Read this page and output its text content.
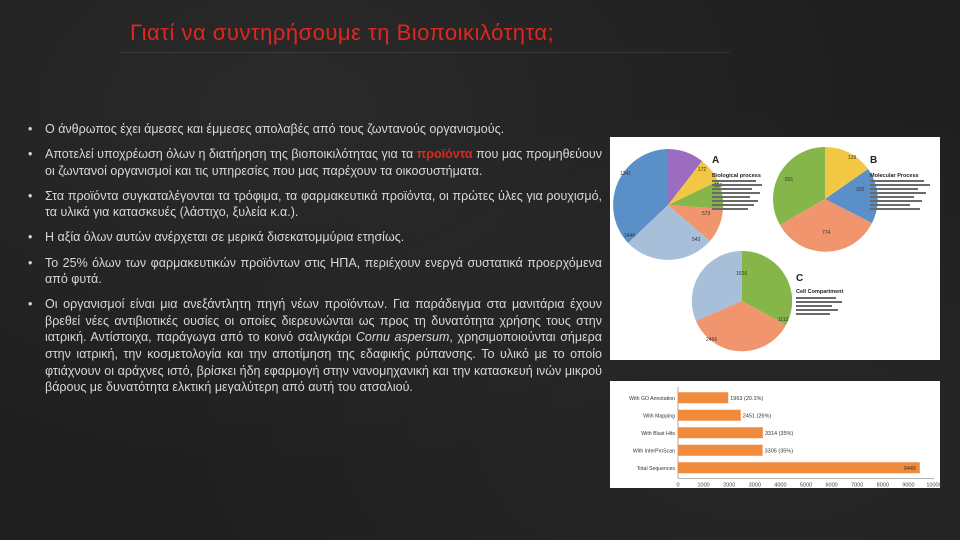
Γιατί να συντηρήσουμε τη Βιοποικιλότητα;
• Ο άνθρωπος έχει άμεσες και έμμεσες απολαβές από τους ζωντανούς οργανισμούς.
• Αποτελεί υποχρέωση όλων η διατήρηση της βιοποικιλότητας για τα προϊόντα που μας προμηθεύουν οι ζωντανοί οργανισμοί και τις υπηρεσίες που μας παρέχουν τα οικοσυστήματα.
• Στα προϊόντα συγκαταλέγονται τα τρόφιμα, τα φαρμακευτικά προϊόντα, οι πρώτες ύλες για ρουχισμό, τα υλικά για κατασκευές (λάστιχο, ξυλεία κ.α.).
• Η αξία όλων αυτών ανέρχεται σε μερικά δισεκατομμύρια ετησίως.
• Το 25% όλων των φαρμακευτικών προϊόντων στις ΗΠΑ, περιέχουν ενεργά συστατικά προερχόμενα από φυτά.
• Οι οργανισμοί είναι μια ανεξάντλητη πηγή νέων προϊόντων. Για παράδειγμα στα μανιτάρια έχουν βρεθεί νέες αντιβιοτικές ουσίες οι οποίες διερευνώνται ως προς τη δυνατότητα χρήσης τους στην ιατρική. Αντίστοιχα, παράγωγα από το κοινό σαλιγκάρι Cornu aspersum, χρησιμοποιούνται σήμερα στην ιατρική, την κοσμετολογία και την αποτίμηση της εδαφικής ρύπανσης. Το υλικό με το οποίο φτιάχνουν οι αράχνες ιστό, βρίσκει ήδη εφαρμογή στην νανομηχανική και την κατασκευή ινών μικρού βάρους με δυνατότητα ελκτική μεγαλύτερη από αυτή του ατσαλιού.
1341
1446
543
573
172
A
Biological process
831
774
320
139 B
Molecular Process
1526
1112
2466
C
Cell Compartment
With GO Annotation	1963 (20.1%)
With Mapping	2451 (26%)
With Blast Hits	3314 (35%)
With InterProScan	3305 (35%)
Total Sequences	9445
0	1000 2000 3000 4000 5000 6000 7000 8000 9000 10000
